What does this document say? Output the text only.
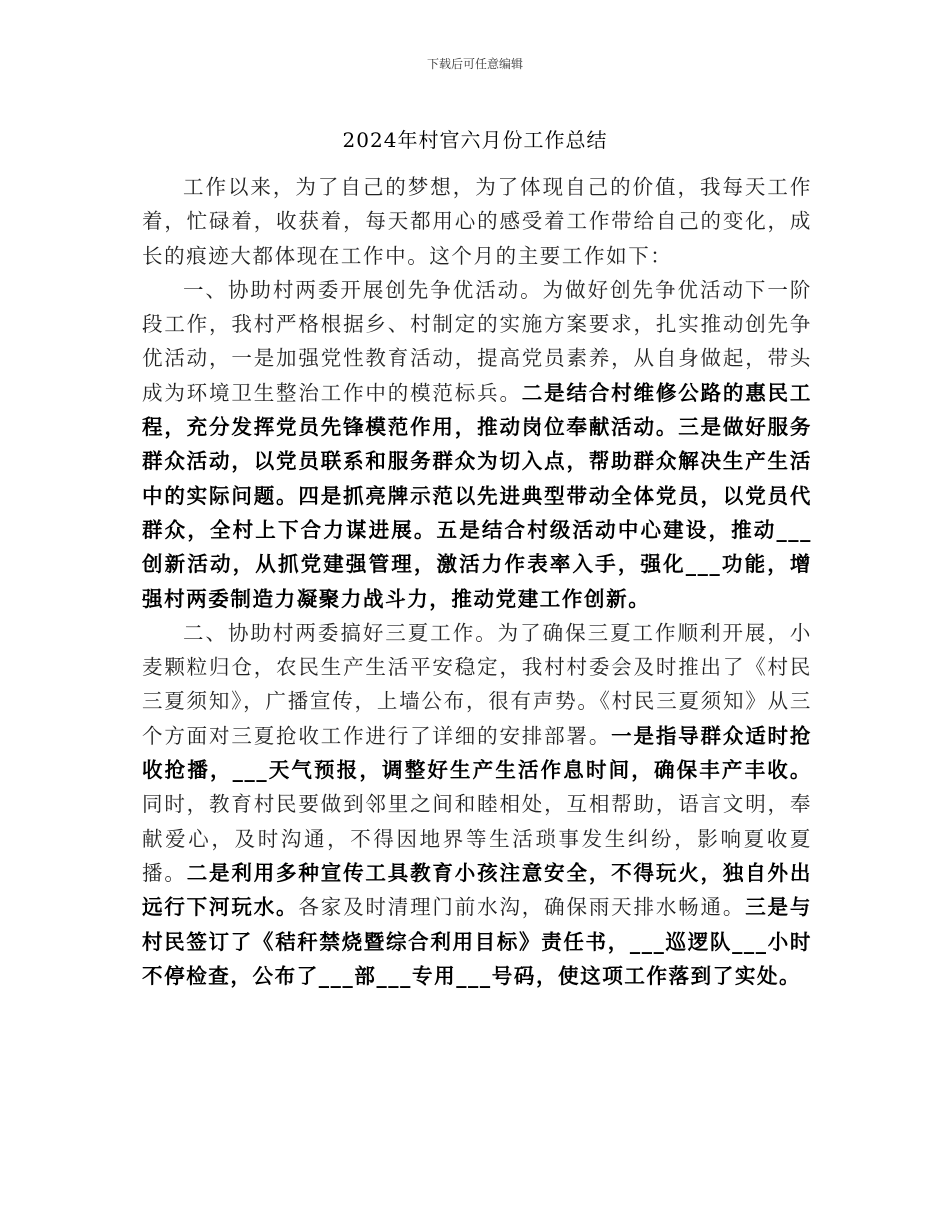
下载后可任意编辑
2024年村官六月份工作总结

工作以来，为了自己的梦想，为了体现自己的价值，我每天工作着，忙碌着，收获着，每天都用心的感受着工作带给自己的变化，成长的痕迹大都体现在工作中。这个月的主要工作如下：

一、协助村两委开展创先争优活动。为做好创先争优活动下一阶段工作，我村严格根据乡、村制定的实施方案要求，扎实推动创先争优活动，一是加强党性教育活动，提高党员素养，从自身做起，带头成为环境卫生整治工作中的模范标兵。二是结合村维修公路的惠民工程，充分发挥党员先锋模范作用，推动岗位奉献活动。三是做好服务群众活动，以党员联系和服务群众为切入点，帮助群众解决生产生活中的实际问题。四是抓亮牌示范以先进典型带动全体党员，以党员代群众，全村上下合力谋进展。五是结合村级活动中心建设，推动___创新活动，从抓党建强管理，激活力作表率入手，强化___功能，增强村两委制造力凝聚力战斗力，推动党建工作创新。

二、协助村两委搞好三夏工作。为了确保三夏工作顺利开展，小麦颗粒归仓，农民生产生活平安稳定，我村村委会及时推出了《村民三夏须知》，广播宣传，上墙公布，很有声势。《村民三夏须知》从三个方面对三夏抢收工作进行了详细的安排部署。一是指导群众适时抢收抢播，___天气预报，调整好生产生活作息时间，确保丰产丰收。同时，教育村民要做到邻里之间和睦相处，互相帮助，语言文明，奉献爱心，及时沟通，不得因地界等生活琐事发生纠纷，影响夏收夏播。二是利用多种宣传工具教育小孩注意安全，不得玩火，独自外出远行下河玩水。各家及时清理门前水沟，确保雨天排水畅通。三是与村民签订了《秸秆禁烧暨综合利用目标》责任书，___巡逻队___小时不停检查，公布了___部___专用___号码，使这项工作落到了实处。
